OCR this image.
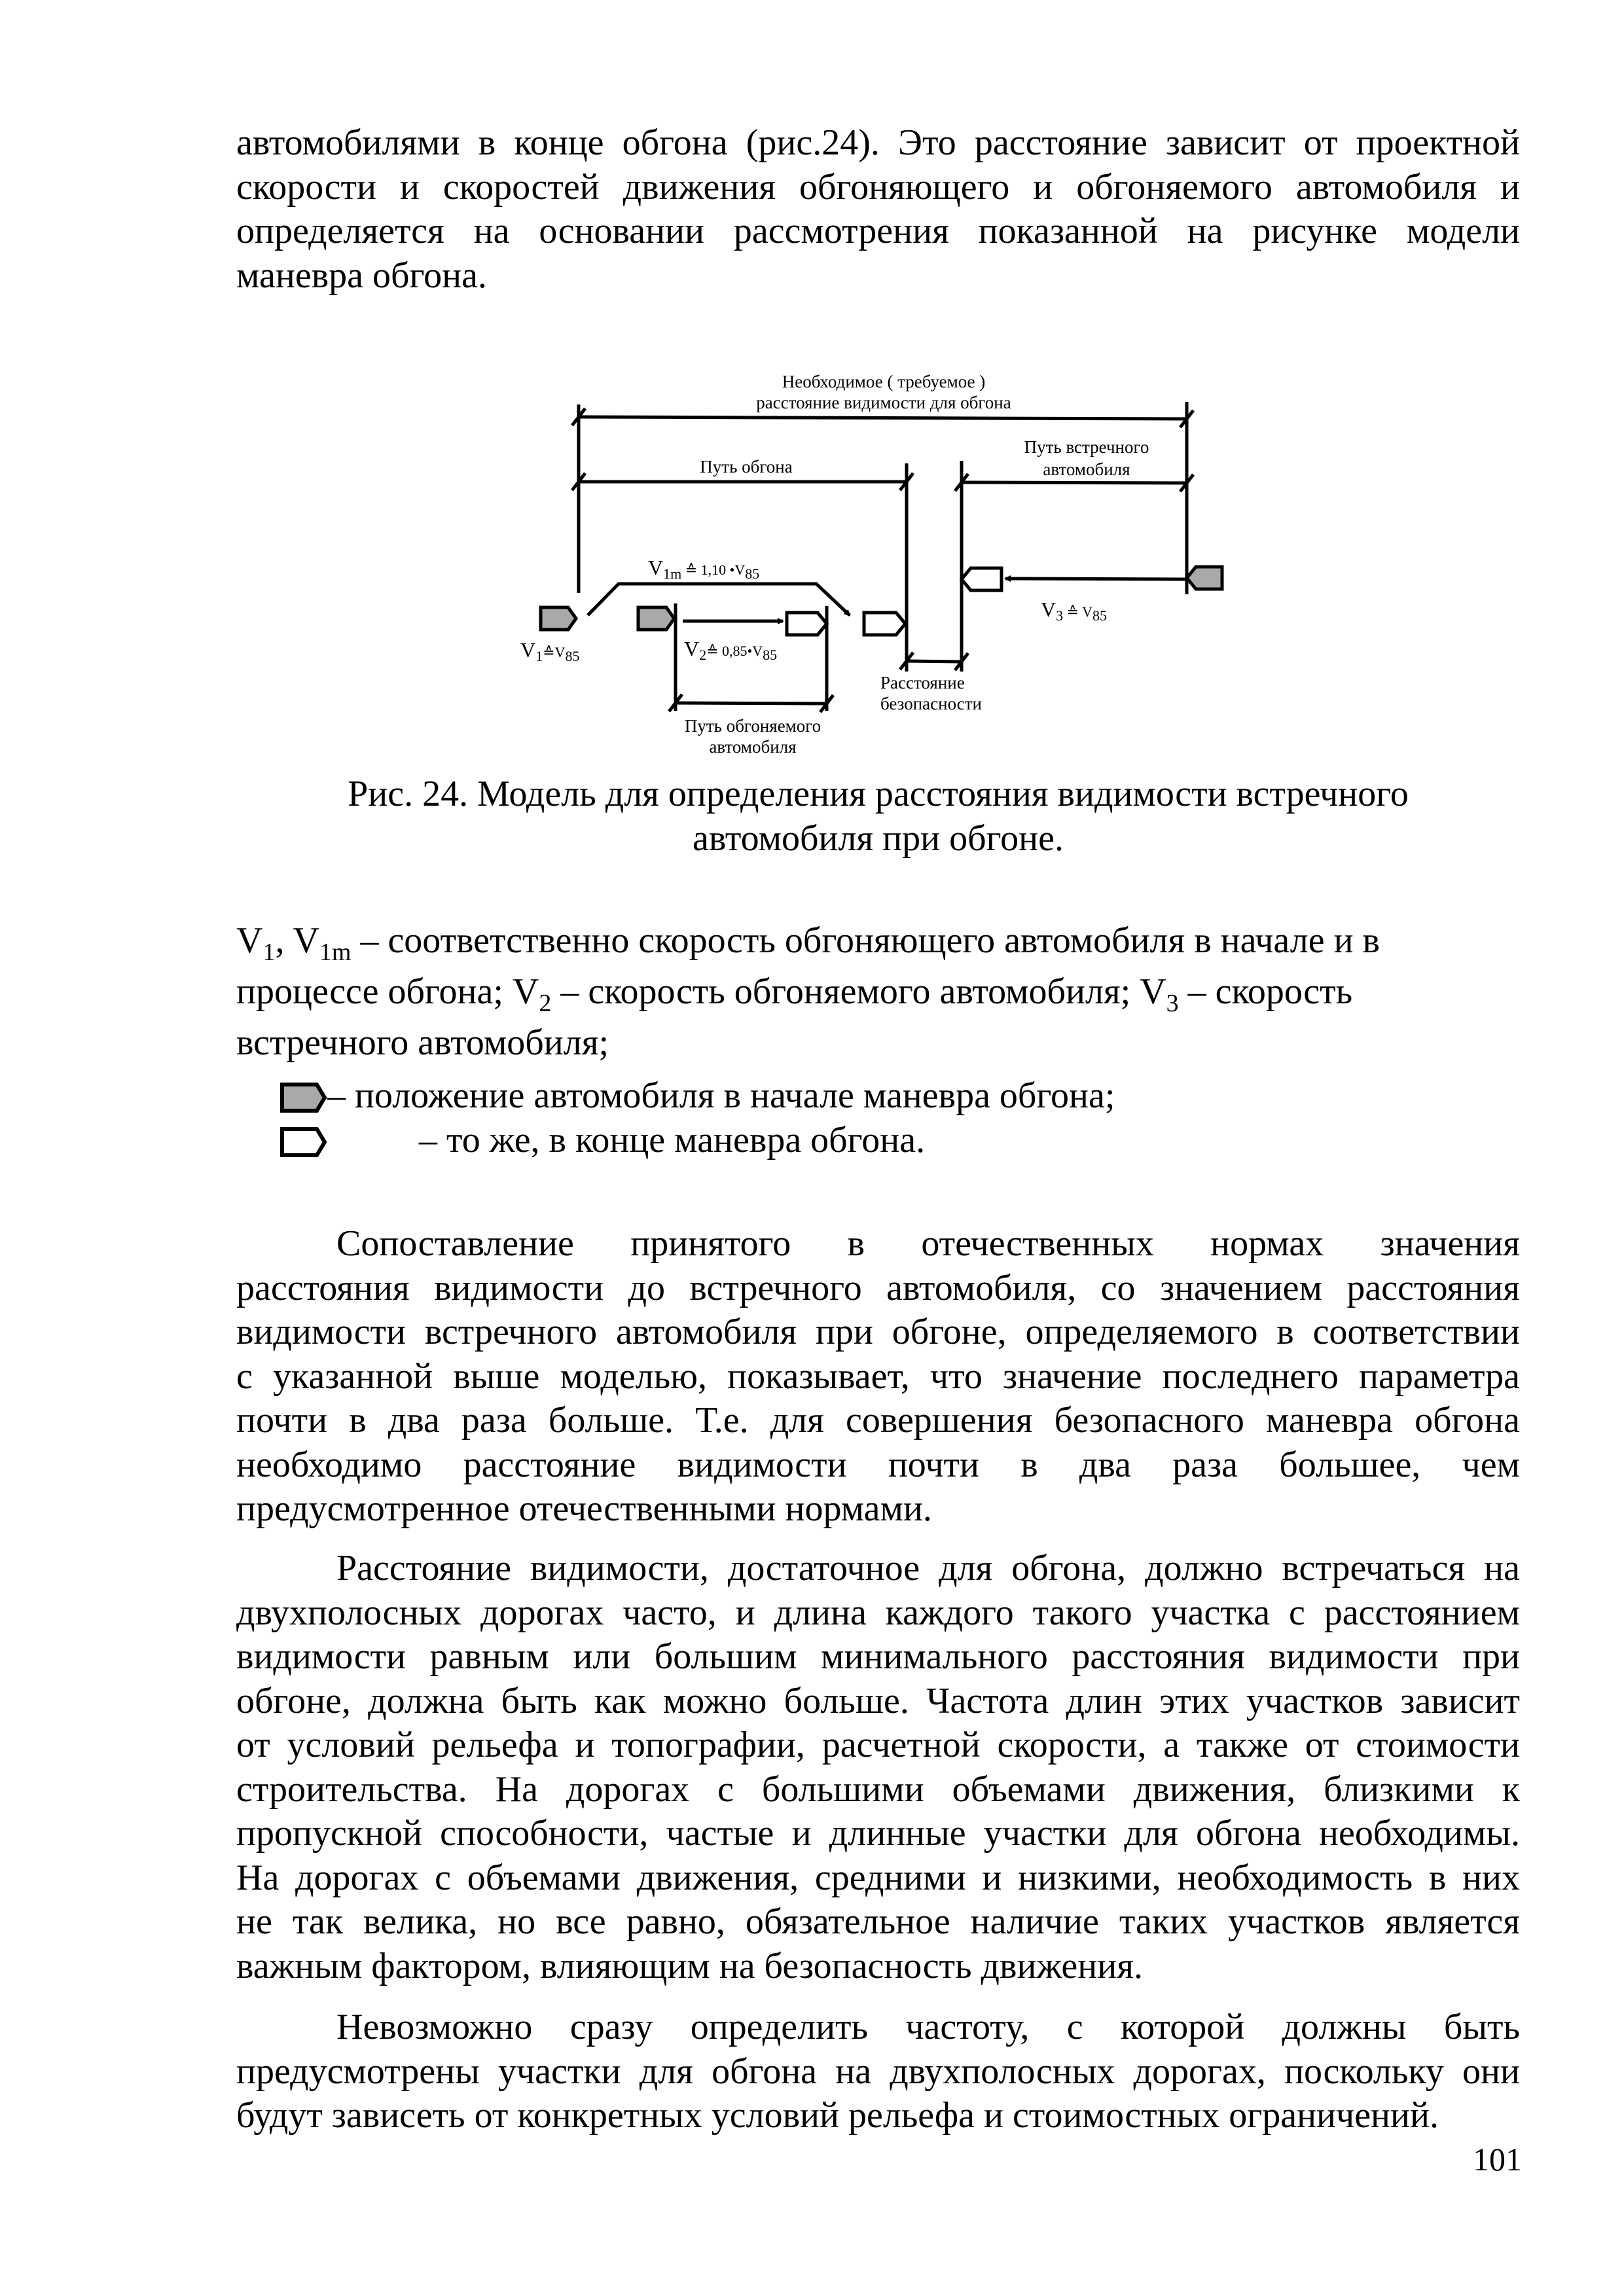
автомобилями в конце обгона (рис.24). Это расстояние зависит от проектной
скорости и скоростей движения обгоняющего и обгоняемого автомобиля и
определяется на основании рассмотрения показанной на рисунке модели
маневра обгона.
Необходимое ( требуемое )
расстояние видимости для обгона
Путь обгона
Путь встречного
автомобиля
Расстояние
безопасности
Путь обгоняемого
автомобиля
V1m ≙ 1,10 •V85
V1≙V85	V2≙ 0,85•V85
V3 ≙ V85
Рис. 24. Модель для определения расстояния видимости встречного
автомобиля при обгоне.
$V_1$, $V_{1m}$ – соответственно скорость обгоняющего автомобиля в начале и в
процессе обгона; $V_2$ – скорость обгоняемого автомобиля; $V_3$ – скорость
встречного автомобиля;
– положение автомобиля в начале маневра обгона;
– то же, в конце маневра обгона.
Сопоставление принятого в отечественных нормах значения
расстояния видимости до встречного автомобиля, со значением расстояния
видимости встречного автомобиля при обгоне, определяемого в соответствии
с указанной выше моделью, показывает, что значение последнего параметра
почти в два раза больше. Т.е. для совершения безопасного маневра обгона
необходимо расстояние видимости почти в два раза большее, чем
предусмотренное отечественными нормами.
Расстояние видимости, достаточное для обгона, должно встречаться на
двухполосных дорогах часто, и длина каждого такого участка с расстоянием
видимости равным или большим минимального расстояния видимости при
обгоне, должна быть как можно больше. Частота длин этих участков зависит
от условий рельефа и топографии, расчетной скорости, а также от стоимости
строительства. На дорогах с большими объемами движения, близкими к
пропускной способности, частые и длинные участки для обгона необходимы.
На дорогах с объемами движения, средними и низкими, необходимость в них
не так велика, но все равно, обязательное наличие таких участков является
важным фактором, влияющим на безопасность движения.
Невозможно сразу определить частоту, с которой должны быть
предусмотрены участки для обгона на двухполосных дорогах, поскольку они
будут зависеть от конкретных условий рельефа и стоимостных ограничений.
101
